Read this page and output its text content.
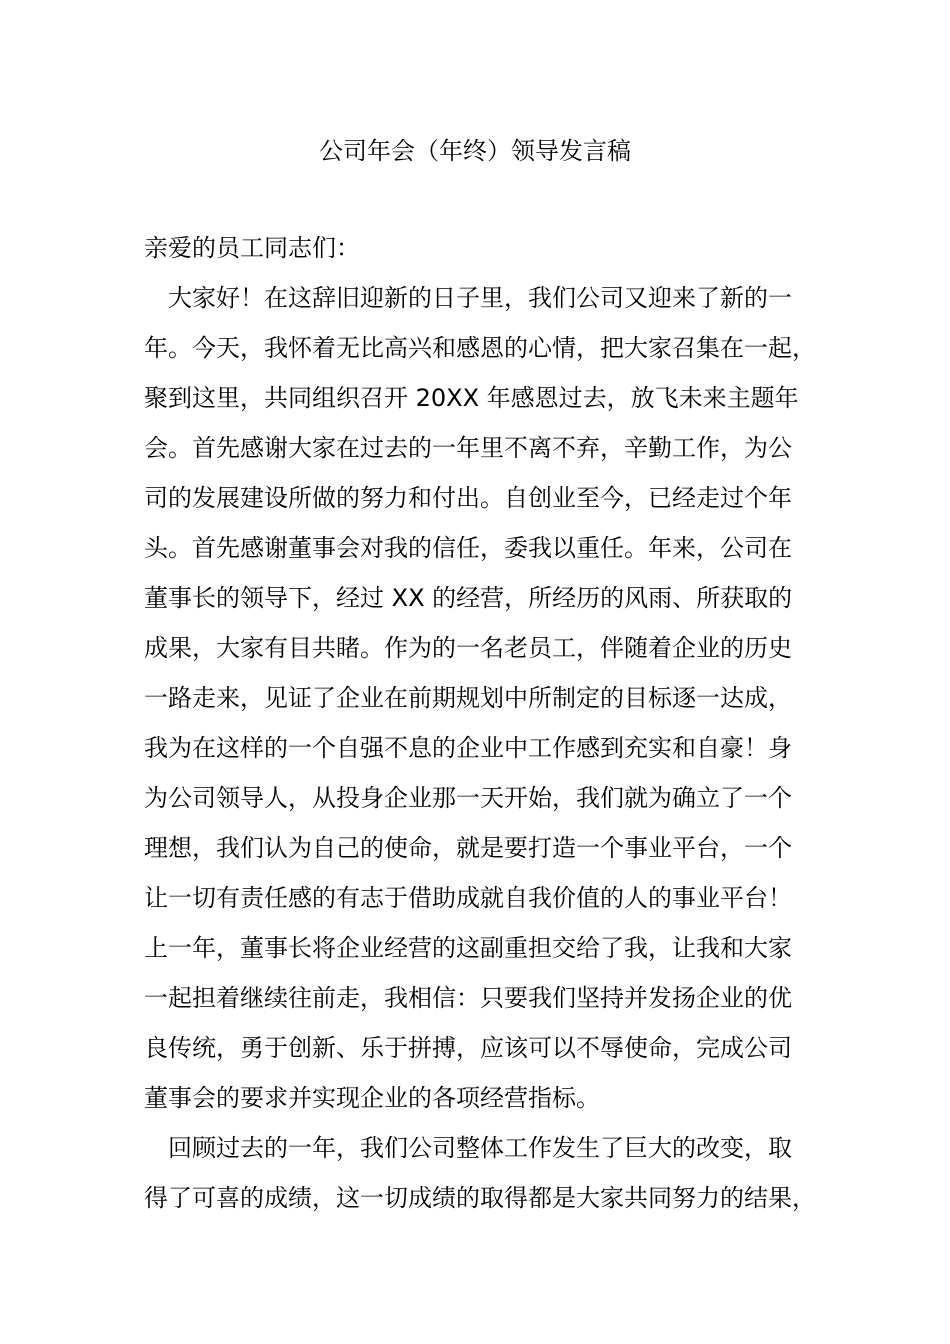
公司年会（年终）领导发言稿
亲爱的员工同志们：
　大家好！在这辞旧迎新的日子里，我们公司又迎来了新的一
年。今天，我怀着无比高兴和感恩的心情，把大家召集在一起，
聚到这里，共同组织召开 20XX 年感恩过去，放飞未来主题年
会。首先感谢大家在过去的一年里不离不弃，辛勤工作，为公
司的发展建设所做的努力和付出。自创业至今，已经走过个年
头。首先感谢董事会对我的信任，委我以重任。年来，公司在
董事长的领导下，经过 XX 的经营，所经历的风雨、所获取的
成果，大家有目共睹。作为的一名老员工，伴随着企业的历史
一路走来，见证了企业在前期规划中所制定的目标逐一达成，
我为在这样的一个自强不息的企业中工作感到充实和自豪！身
为公司领导人，从投身企业那一天开始，我们就为确立了一个
理想，我们认为自己的使命，就是要打造一个事业平台，一个
让一切有责任感的有志于借助成就自我价值的人的事业平台！
上一年，董事长将企业经营的这副重担交给了我，让我和大家
一起担着继续往前走，我相信：只要我们坚持并发扬企业的优
良传统，勇于创新、乐于拼搏，应该可以不辱使命，完成公司
董事会的要求并实现企业的各项经营指标。
　回顾过去的一年，我们公司整体工作发生了巨大的改变，取
得了可喜的成绩，这一切成绩的取得都是大家共同努力的结果，
